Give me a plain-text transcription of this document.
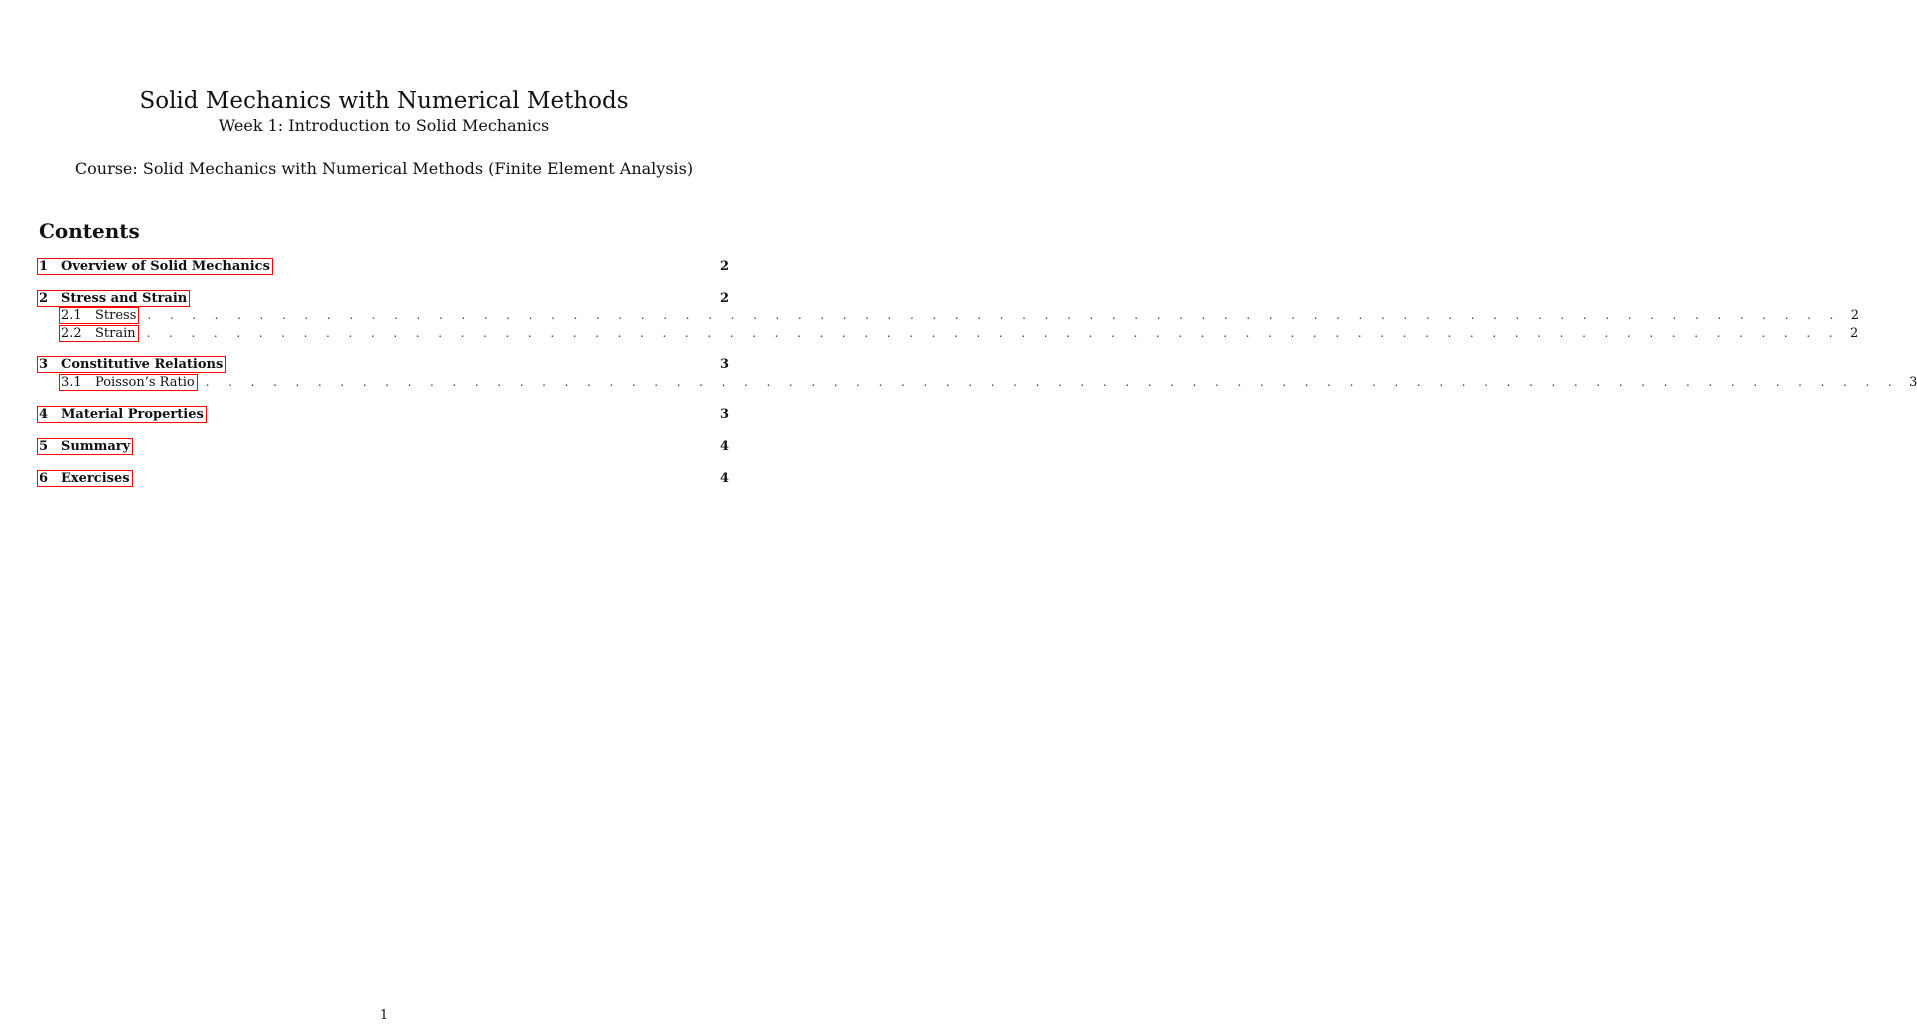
Solid Mechanics with Numerical Methods
Week 1: Introduction to Solid Mechanics
Course: Solid Mechanics with Numerical Methods (Finite Element Analysis)
Contents
1 Overview of Solid Mechanics	2
2 Stress and Strain	2
2.1	Stress . . . . . . . . . . . . . . . . . . . . . . . . . . . . . . . . . . . . . . . . . . . . . . . . . . . . . . . . . . . . . . . . . . . . . . . . . . . . 2
2.2	Strain . . . . . . . . . . . . . . . . . . . . . . . . . . . . . . . . . . . . . . . . . . . . . . . . . . . . . . . . . . . . . . . . . . . . . . . . . . . . 2
3 Constitutive Relations	3
3.1	Poisson’s Ratio . . . . . . . . . . . . . . . . . . . . . . . . . . . . . . . . . . . . . . . . . . . . . . . . . . . . . . . . . . . . . . . . . . . . . . . . . . . . 3
4 Material Properties	3
5 Summary	4
6 Exercises	4
1
